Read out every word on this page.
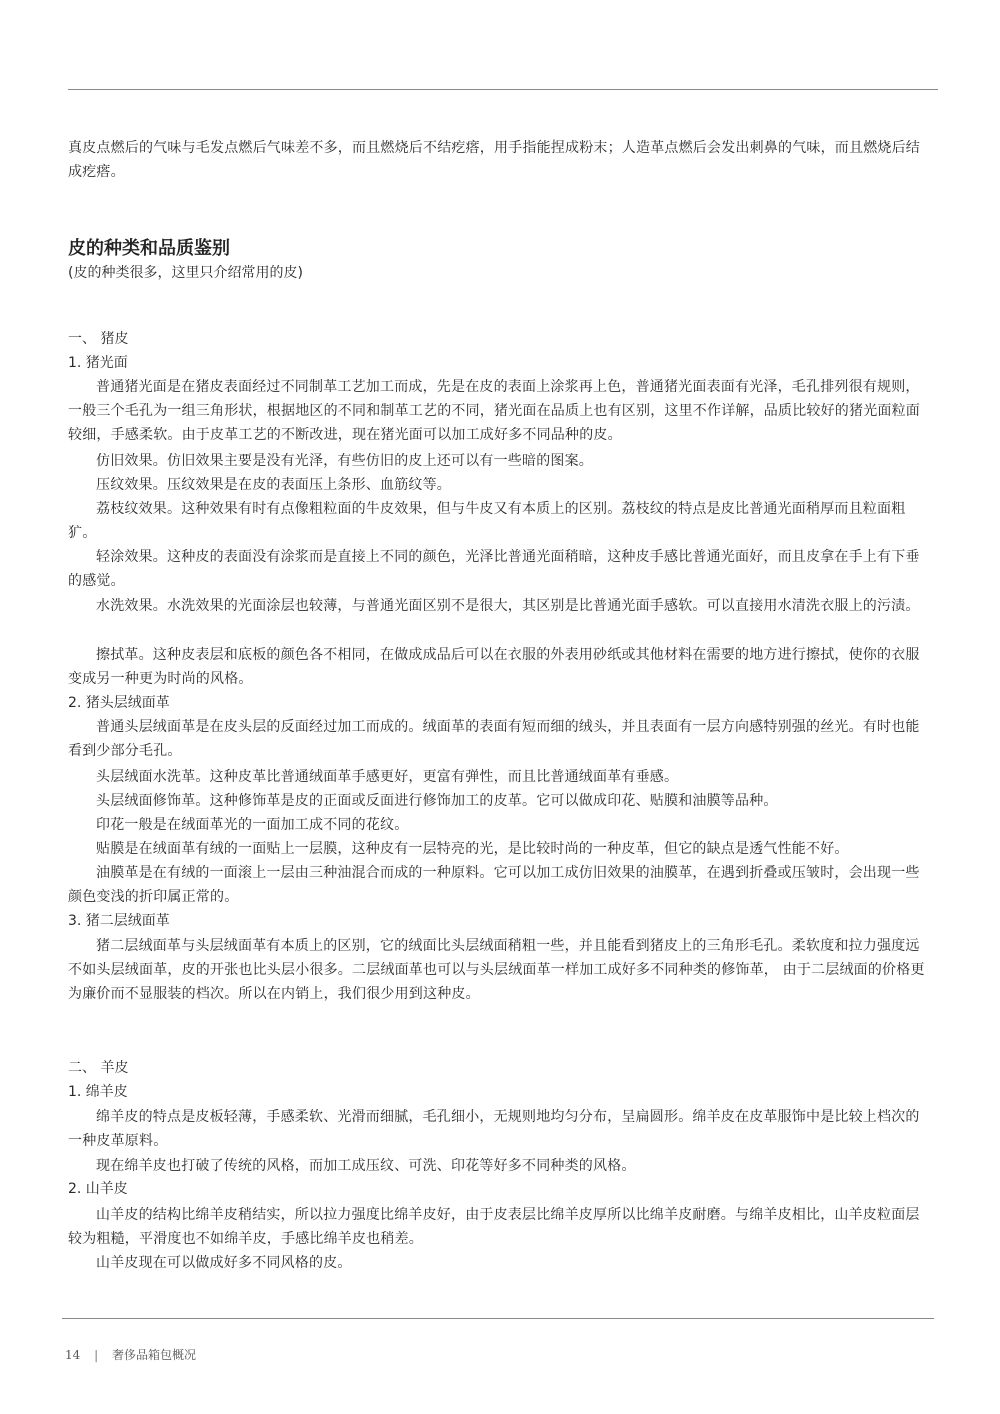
真皮点燃后的气味与毛发点燃后气味差不多，而且燃烧后不结疙瘩，用手指能捏成粉末；人造革点燃后会发出刺鼻的气味，而且燃烧后结成疙瘩。

皮的种类和品质鉴别

(皮的种类很多，这里只介绍常用的皮)

一、 猪皮

1. 猪光面

普通猪光面是在猪皮表面经过不同制革工艺加工而成，先是在皮的表面上涂浆再上色，普通猪光面表面有光泽，毛孔排列很有规则，一般三个毛孔为一组三角形状，根据地区的不同和制革工艺的不同，猪光面在品质上也有区别，这里不作详解，品质比较好的猪光面粒面较细，手感柔软。由于皮革工艺的不断改进，现在猪光面可以加工成好多不同品种的皮。

仿旧效果。仿旧效果主要是没有光泽，有些仿旧的皮上还可以有一些暗的图案。

压纹效果。压纹效果是在皮的表面压上条形、血筋纹等。

荔枝纹效果。这种效果有时有点像粗粒面的牛皮效果，但与牛皮又有本质上的区别。荔枝纹的特点是皮比普通光面稍厚而且粒面粗犷。

轻涂效果。这种皮的表面没有涂浆而是直接上不同的颜色，光泽比普通光面稍暗，这种皮手感比普通光面好，而且皮拿在手上有下垂的感觉。

水洗效果。水洗效果的光面涂层也较薄，与普通光面区别不是很大，其区别是比普通光面手感软。可以直接用水清洗衣服上的污渍。

擦拭革。这种皮表层和底板的颜色各不相同，在做成成品后可以在衣服的外表用砂纸或其他材料在需要的地方进行擦拭，使你的衣服变成另一种更为时尚的风格。

2. 猪头层绒面革

普通头层绒面革是在皮头层的反面经过加工而成的。绒面革的表面有短而细的绒头，并且表面有一层方向感特别强的丝光。有时也能看到少部分毛孔。

头层绒面水洗革。这种皮革比普通绒面革手感更好，更富有弹性，而且比普通绒面革有垂感。

头层绒面修饰革。这种修饰革是皮的正面或反面进行修饰加工的皮革。它可以做成印花、贴膜和油膜等品种。

印花一般是在绒面革光的一面加工成不同的花纹。

贴膜是在绒面革有绒的一面贴上一层膜，这种皮有一层特亮的光，是比较时尚的一种皮革，但它的缺点是透气性能不好。

油膜革是在有绒的一面滚上一层由三种油混合而成的一种原料。它可以加工成仿旧效果的油膜革，在遇到折叠或压皱时，会出现一些颜色变浅的折印属正常的。

3. 猪二层绒面革

猪二层绒面革与头层绒面革有本质上的区别，它的绒面比头层绒面稍粗一些，并且能看到猪皮上的三角形毛孔。柔软度和拉力强度远不如头层绒面革，皮的开张也比头层小很多。二层绒面革也可以与头层绒面革一样加工成好多不同种类的修饰革， 由于二层绒面的价格更为廉价而不显服装的档次。所以在内销上，我们很少用到这种皮。

二、 羊皮

1. 绵羊皮

绵羊皮的特点是皮板轻薄，手感柔软、光滑而细腻，毛孔细小，无规则地均匀分布，呈扁圆形。绵羊皮在皮革服饰中是比较上档次的一种皮革原料。

现在绵羊皮也打破了传统的风格，而加工成压纹、可洗、印花等好多不同种类的风格。

2. 山羊皮

山羊皮的结构比绵羊皮稍结实，所以拉力强度比绵羊皮好，由于皮表层比绵羊皮厚所以比绵羊皮耐磨。与绵羊皮相比，山羊皮粒面层较为粗糙，平滑度也不如绵羊皮，手感比绵羊皮也稍差。

山羊皮现在可以做成好多不同风格的皮。

14 | 奢侈品箱包概况
